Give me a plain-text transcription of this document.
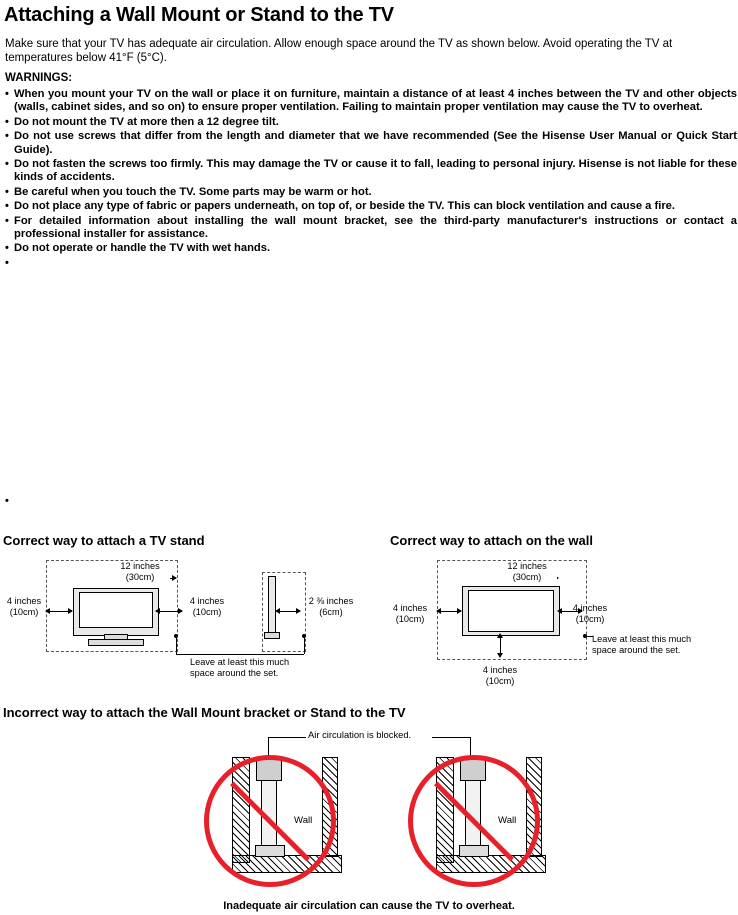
Attaching a Wall Mount or Stand to the TV
Make sure that your TV has adequate air circulation. Allow enough space around the TV as shown below. Avoid operating the TV at temperatures below 41°F (5°C).
WARNINGS:
• When you mount your TV on the wall or place it on furniture, maintain a distance of at least 4 inches between the TV and other objects (walls, cabinet sides, and so on) to ensure proper ventilation. Failing to maintain proper ventilation may cause the TV to overheat.
• Do not mount the TV at more then a 12 degree tilt.
• Do not use screws that differ from the length and diameter that we have recommended (See the Hisense User Manual or Quick Start Guide).
• Do not fasten the screws too firmly. This may damage the TV or cause it to fall, leading to personal injury. Hisense is not liable for these kinds of accidents.
• Be careful when you touch the TV. Some parts may be warm or hot.
• Do not place any type of fabric or papers underneath, on top of, or beside the TV. This can block ventilation and cause a fire.
• For detailed information about installing the wall mount bracket, see the third-party manufacturer's instructions or contact a professional installer for assistance.
• Do not operate or handle the TV with wet hands.
•
•
Correct way to attach a TV stand
12 inches
(30cm)
4 inches
(10cm)
4 inches
(10cm)
2 ⅜ inches
(6cm)
Leave at least this much
space around the set.
Correct way to attach on the wall
12 inches
(30cm)
4 inches
(10cm)
4 inches
(10cm)
4 inches
(10cm)
Leave at least this much
space around the set.
Incorrect way to attach the Wall Mount bracket or Stand to the TV
Air circulation is blocked.
Wall	Wall
Inadequate air circulation can cause the TV to overheat.
